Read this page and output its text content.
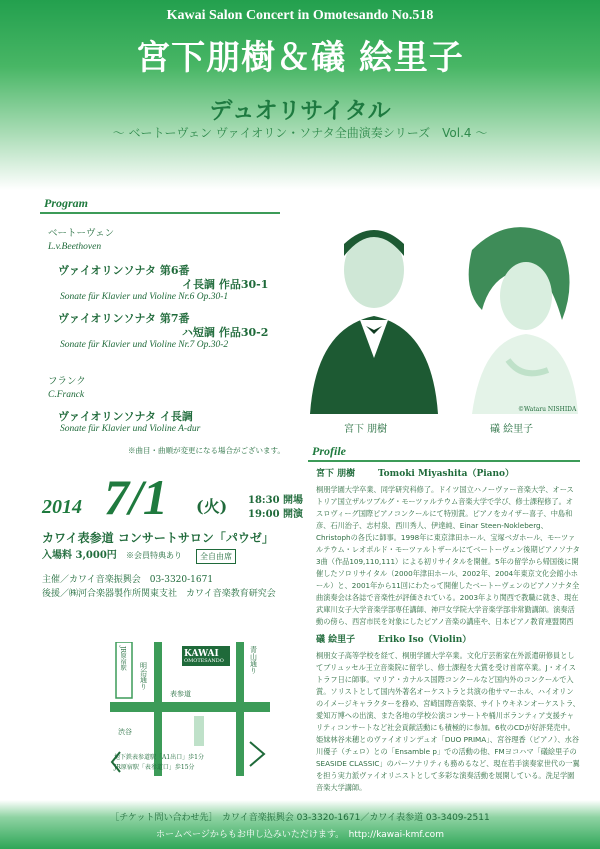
Kawai Salon Concert in Omotesando No.518
宮下朋樹＆礒 絵里子
デュオリサイタル
～ ベートーヴェン ヴァイオリン・ソナタ全曲演奏シリーズ　Vol.4 ～
Program
ベートーヴェン
L.v.Beethoven
ヴァイオリンソナタ 第6番
イ長調 作品30-1
Sonate für Klavier und Violine Nr.6 Op.30-1
ヴァイオリンソナタ 第7番
ハ短調 作品30-2
Sonate für Klavier und Violine Nr.7 Op.30-2
フランク
C.Franck
ヴァイオリンソナタ イ長調
Sonate für Klavier und Violine A-dur
※曲目・曲順が変更になる場合がございます。
©Wataru NISHIDA
宮下 朋樹	礒 絵里子
2014 7/1 (火) 18:30 開場
19:00 開演
カワイ表参道 コンサートサロン「パウゼ」
入場料 3,000円 ※会員特典あり	全自由席
主催／カワイ音楽振興会　03-3320-1671
後援／㈱河合楽器製作所関東支社　カワイ音楽教育研究会
KAWAI
OMOTESANDO
明治通り
青山通り
表参道
JR原宿駅
渋谷
地下鉄表参道駅「A1出口」歩1分
JR原宿駅「表参道口」歩15分
Profile
宮下 朋樹	Tomoki Miyashita（Piano）
桐朋学園大学卒業、同学研究科修了。ドイツ国立ハノーヴァー音楽大学、オーストリア国立ザルツブルグ・モーツァルテウム音楽大学で学び、修士課程修了。オスロヴィーグ国際ピアノコンクールにて特別賞。ピアノをカイザー喜子、中島和彦、石川治子、志村泉、西川秀人、伊達純、Einar Steen-Nokleberg、Christophの各氏に師事。1998年に東京津田ホール、宝塚ベガホール、モーツァルテウム・レオポルド・モーツァルトザールにてベートーヴェン後期ピアノソナタ3曲（作品109,110,111）による初リサイタルを開催。5年の留学から帰国後に開催したソロリサイタル（2000年津田ホール、2002年、2004年東京文化会館小ホール）と、2001年から11回にわたって開催したベートーヴェンのピアノソナタ全曲演奏会は各誌で音楽性が評価されている。2003年より関西で教職に就き、現在武庫川女子大学音楽学部専任講師、神戸女学院大学音楽学部非常勤講師。演奏活動の傍ら、西宮市民を対象にしたピアノ音楽の講座や、日本ピアノ教育連盟関西
礒 絵里子	Eriko Iso（Violin）
桐朋女子高等学校を経て、桐朋学園大学卒業。文化庁芸術家在外派遣研修員としてブリュッセル王立音楽院に留学し、修士課程を大賞を受け首席卒業。J・オイストラフ日に師事。マリア・カナルス国際コンクールなど国内外のコンクールで入賞。ソリストとして国内外著名オーケストラと共演の他サマーホル、ハイオリンのイメージキャラクターを務め、宮崎国際音楽祭、サイトウキネンオーケストラ、愛知万博への出演、また各地の学校公演コンサートや桶川ボランティア支援チャリティコンサートなど社会貢献活動にも積極的に参加。6枚のCDが好評発売中。姫妹林谷未穂とのヴァイオリンデュオ「DUO PRIMA」、宮谷理香（ピアノ）、水谷川優子（チェロ）との「Ensamble p」での活動の他、FMヨコハマ「礒絵里子のSEASIDE CLASSIC」のパーソナリティも務めるなど、現在若手演奏家世代の一翼を担う実力派ヴァイオリニストとして多彩な演奏活動を展開している。洗足学園音楽大学講師。
［チケット問い合わせ先］　カワイ音楽振興会 03-3320-1671／カワイ表参道 03-3409-2511
ホームページからもお申し込みいただけます。　http://kawai-kmf.com
